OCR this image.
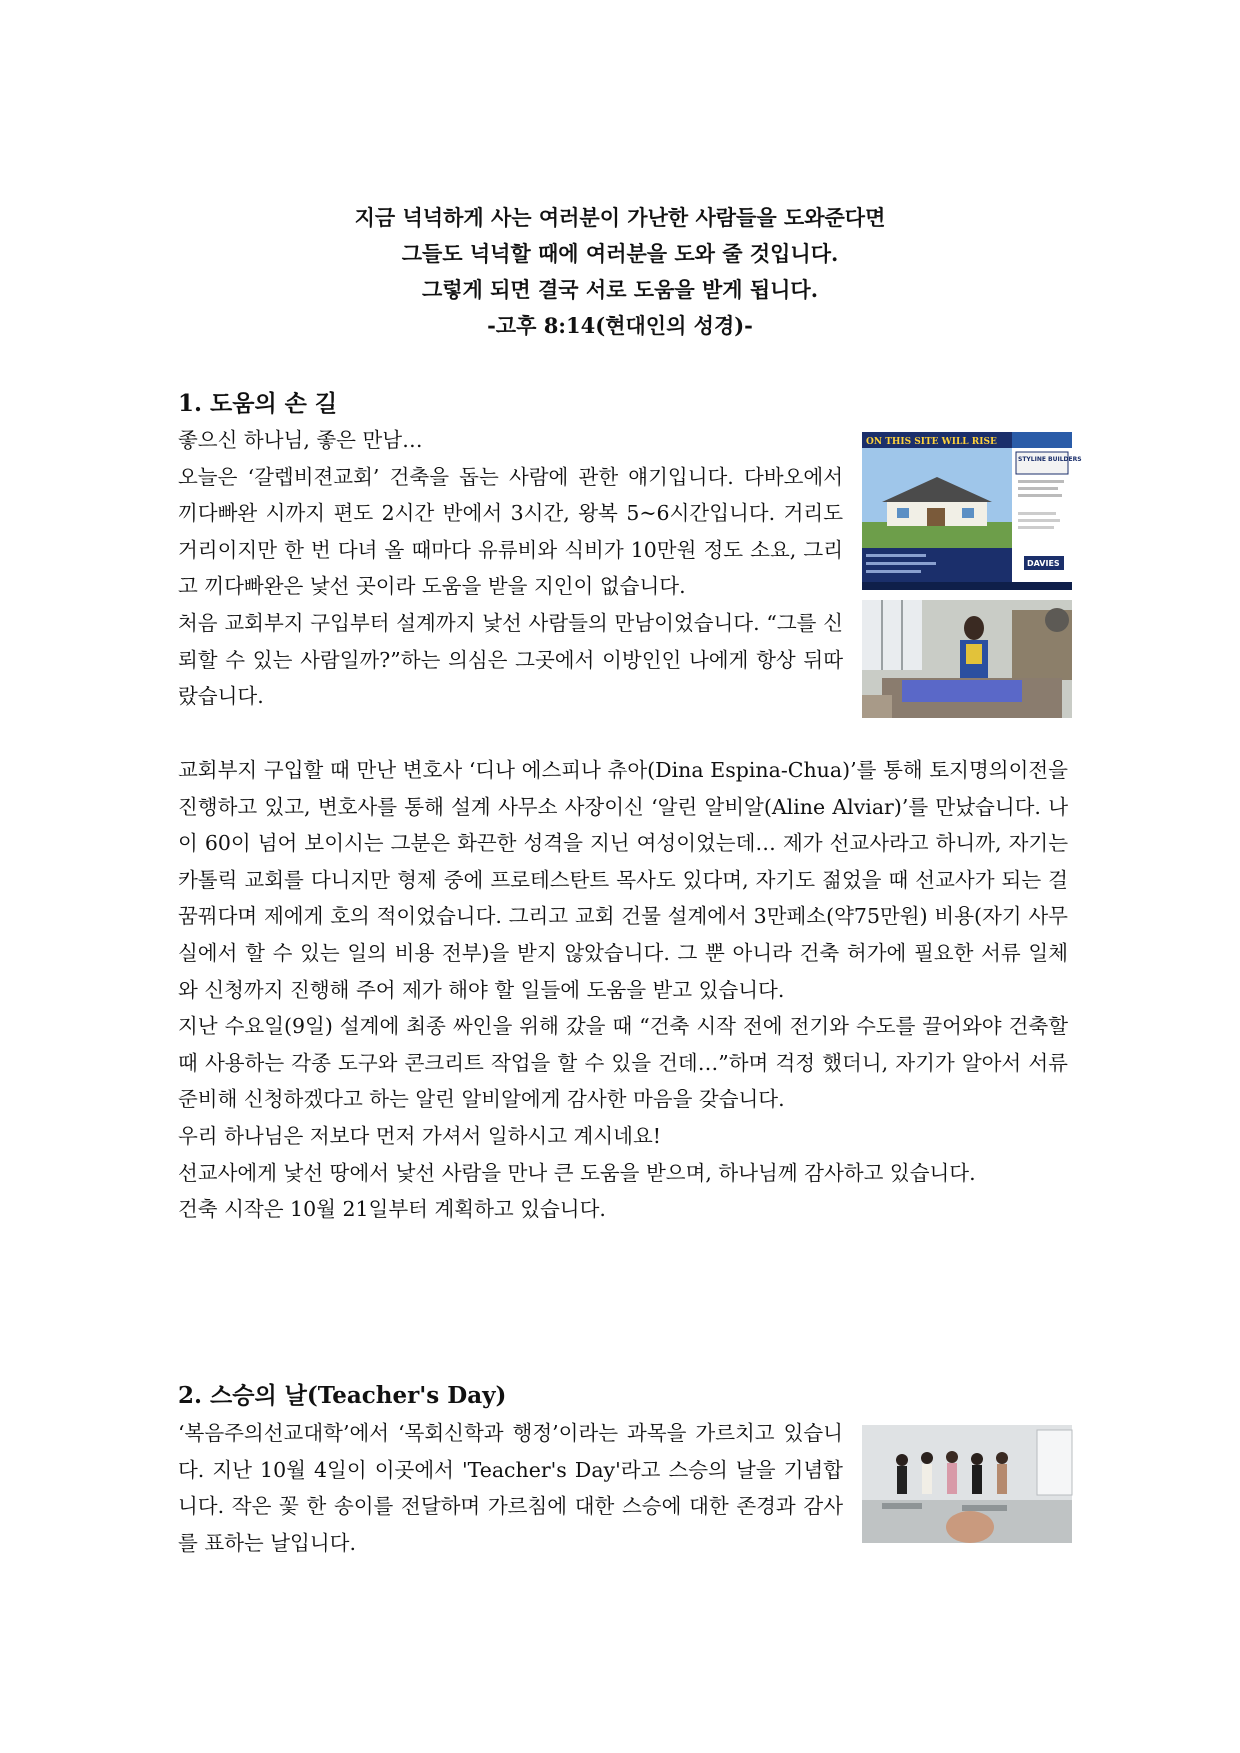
지금 넉넉하게 사는 여러분이 가난한 사람들을 도와준다면
그들도 넉넉할 때에 여러분을 도와 줄 것입니다.
그렇게 되면 결국 서로 도움을 받게 됩니다.
-고후 8:14(현대인의 성경)-
1. 도움의 손 길

좋으신 하나님, 좋은 만남…

오늘은 ‘갈렙비젼교회’ 건축을 돕는 사람에 관한 얘기입니다. 다바오에서 끼다빠완 시까지 편도 2시간 반에서 3시간, 왕복 5~6시간입니다. 거리도 거리이지만 한 번 다녀 올 때마다 유류비와 식비가 10만원 정도 소요, 그리고 끼다빠완은 낯선 곳이라 도움을 받을 지인이 없습니다.

처음 교회부지 구입부터 설계까지 낯선 사람들의 만남이었습니다. “그를 신뢰할 수 있는 사람일까?”하는 의심은 그곳에서 이방인인 나에게 항상 뒤따랐습니다.

교회부지 구입할 때 만난 변호사 ‘디나 에스피나 츄아(Dina Espina-Chua)’를 통해 토지명의이전을 진행하고 있고, 변호사를 통해 설계 사무소 사장이신 ‘알린 알비알(Aline Alviar)’를 만났습니다. 나이 60이 넘어 보이시는 그분은 화끈한 성격을 지닌 여성이었는데… 제가 선교사라고 하니까, 자기는 카톨릭 교회를 다니지만 형제 중에 프로테스탄트 목사도 있다며, 자기도 젊었을 때 선교사가 되는 걸 꿈꿔다며 제에게 호의 적이었습니다. 그리고 교회 건물 설계에서 3만페소(약75만원) 비용(자기 사무실에서 할 수 있는 일의 비용 전부)을 받지 않았습니다. 그 뿐 아니라 건축 허가에 필요한 서류 일체와 신청까지 진행해 주어 제가 해야 할 일들에 도움을 받고 있습니다.

지난 수요일(9일) 설계에 최종 싸인을 위해 갔을 때 “건축 시작 전에 전기와 수도를 끌어와야 건축할 때 사용하는 각종 도구와 콘크리트 작업을 할 수 있을 건데…”하며 걱정 했더니, 자기가 알아서 서류 준비해 신청하겠다고 하는 알린 알비알에게 감사한 마음을 갖습니다.

우리 하나님은 저보다 먼저 가셔서 일하시고 계시네요!

선교사에게 낯선 땅에서 낯선 사람을 만나 큰 도움을 받으며, 하나님께 감사하고 있습니다.

건축 시작은 10월 21일부터 계획하고 있습니다.

ON THIS SITE WILL RISE
STYLINE BUILDERS
DAVIES
2. 스승의 날(Teacher's Day)

‘복음주의선교대학’에서 ‘목회신학과 행정’이라는 과목을 가르치고 있습니다. 지난 10월 4일이 이곳에서 'Teacher's Day'라고 스승의 날을 기념합니다. 작은 꽃 한 송이를 전달하며 가르침에 대한 스승에 대한 존경과 감사를 표하는 날입니다.
